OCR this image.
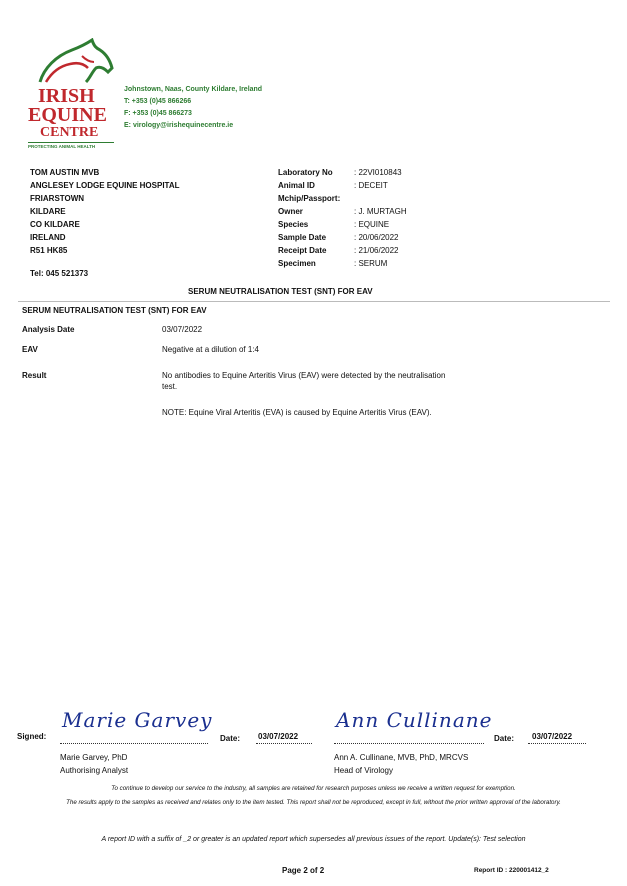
IRISH
EQUINE
CENTRE
PROTECTING ANIMAL HEALTH
Johnstown, Naas, County Kildare, Ireland
T: +353 (0)45 866266
F: +353 (0)45 866273
E: virology@irishequinecentre.ie
TOM AUSTIN MVB
ANGLESEY LODGE EQUINE HOSPITAL
FRIARSTOWN
KILDARE
CO KILDARE
IRELAND
R51 HK85
Tel: 045 521373
Laboratory No	: 22VI010843
Animal ID	: DECEIT
Mchip/Passport:
Owner	: J. MURTAGH
Species	: EQUINE
Sample Date	: 20/06/2022
Receipt Date	: 21/06/2022
Specimen	: SERUM
SERUM NEUTRALISATION TEST (SNT) FOR EAV
SERUM NEUTRALISATION TEST (SNT) FOR EAV
Analysis Date	03/07/2022
EAV	Negative at a dilution of 1:4
Result	No antibodies to Equine Arteritis Virus (EAV) were detected by the neutralisation test.
NOTE: Equine Viral Arteritis (EVA) is caused by Equine Arteritis Virus (EAV).
Signed:
Marie Garvey
Date: 03/07/2022
Ann Cullinane
Date: 03/07/2022
Marie Garvey, PhD
Authorising Analyst
Ann A. Cullinane, MVB, PhD, MRCVS
Head of Virology
To continue to develop our service to the industry, all samples are retained for research purposes unless we receive a written request for exemption.
The results apply to the samples as received and relates only to the item tested. This report shall not be reproduced, except in full, without the prior written approval of the laboratory.
A report ID with a suffix of _2 or greater is an updated report which supersedes all previous issues of the report. Update(s): Test selection
Page 2 of 2	Report ID : 220001412_2
